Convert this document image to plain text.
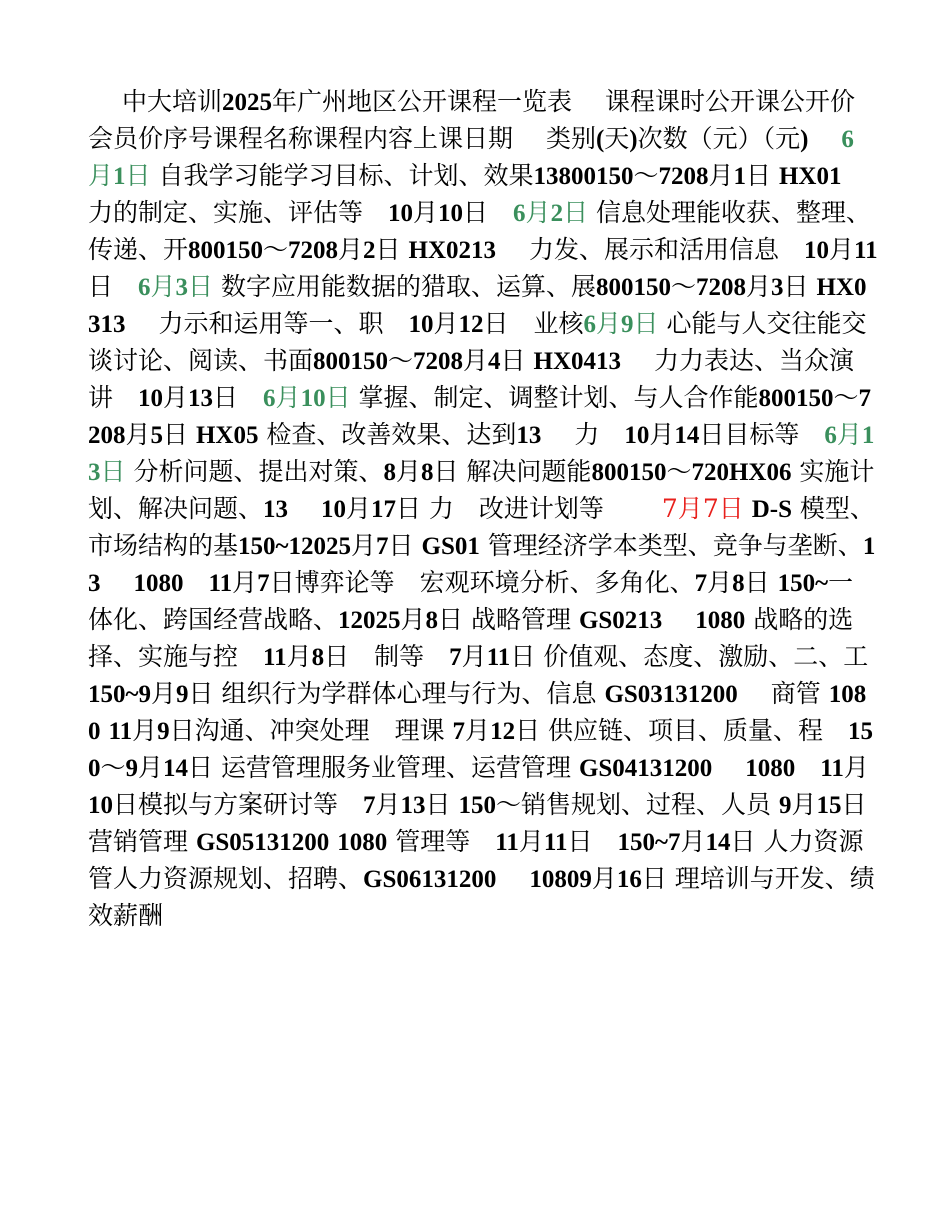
中大培训2025年广州地区公开课程一览表　 课程课时公开课公开价会员价序号课程名称课程内容上课日期　 类别(天)次数（元）（元)　 6月1日 自我学习能学习目标、计划、效果13800150～7208月1日 HX01　 力的制定、实施、评估等　10月10日　6月2日 信息处理能收获、整理、传递、开800150～7208月2日 HX0213　 力发、展示和活用信息　10月11日　6月3日 数字应用能数据的猎取、运算、展800150～7208月3日 HX0313　 力示和运用等一、职　10月12日　业核6月9日 心能与人交往能交谈讨论、阅读、书面800150～7208月4日 HX0413　 力力表达、当众演讲　10月13日　6月10日 掌握、制定、调整计划、与人合作能800150～7208月5日 HX05 检查、改善效果、达到13　 力　10月14日目标等　6月13日 分析问题、提出对策、8月8日 解决问题能800150～720HX06 实施计划、解决问题、13　 10月17日 力　改进计划等　　 7月7日 D-S 模型、市场结构的基150~12025月7日 GS01 管理经济学本类型、竞争与垄断、13　 1080　 11月7日博弈论等　宏观环境分析、多角化、7月8日 150~一体化、跨国经营战略、12025月8日 战略管理 GS0213　 1080 战略的选择、实施与控　11月8日　制等　7月11日 价值观、态度、激励、二、工150~9月9日 组织行为学群体心理与行为、信息 GS03131200　 商管 1080 11月9日沟通、冲突处理　理课 7月12日 供应链、项目、质量、程　150～9月14日 运营管理服务业管理、运营管理 GS04131200　 1080　 11月10日模拟与方案研讨等　7月13日 150～销售规划、过程、人员 9月15日 营销管理 GS05131200 1080 管理等　11月11日　150~7月14日 人力资源管人力资源规划、招聘、GS06131200　 10809月16日 理培训与开发、绩效薪酬
